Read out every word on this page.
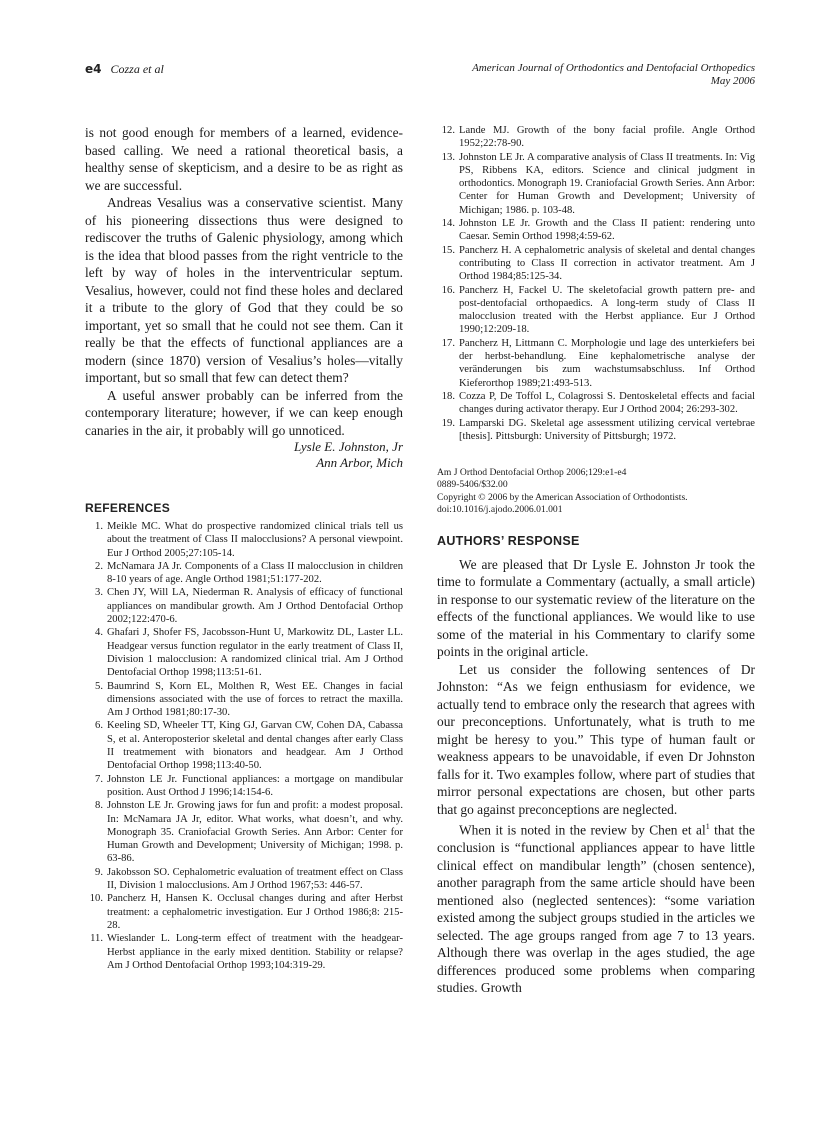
e4 Cozza et al	American Journal of Orthodontics and Dentofacial Orthopedics
May 2006

is not good enough for members of a learned, evidence-based calling. We need a rational theoretical basis, a healthy sense of skepticism, and a desire to be as right as we are successful.

Andreas Vesalius was a conservative scientist. Many of his pioneering dissections thus were designed to rediscover the truths of Galenic physiology, among which is the idea that blood passes from the right ventricle to the left by way of holes in the interventricular septum. Vesalius, however, could not find these holes and declared it a tribute to the glory of God that they could be so important, yet so small that he could not see them. Can it really be that the effects of functional appliances are a modern (since 1870) version of Vesalius’s holes—vitally important, but so small that few can detect them?

A useful answer probably can be inferred from the contemporary literature; however, if we can keep enough canaries in the air, it probably will go unnoticed.

Lysle E. Johnston, Jr

Ann Arbor, Mich

REFERENCES

1. Meikle MC. What do prospective randomized clinical trials tell us about the treatment of Class II malocclusions? A personal viewpoint. Eur J Orthod 2005;27:105-14.
2. McNamara JA Jr. Components of a Class II malocclusion in children 8-10 years of age. Angle Orthod 1981;51:177-202.
3. Chen JY, Will LA, Niederman R. Analysis of efficacy of functional appliances on mandibular growth. Am J Orthod Dentofacial Orthop 2002;122:470-6.
4. Ghafari J, Shofer FS, Jacobsson-Hunt U, Markowitz DL, Laster LL. Headgear versus function regulator in the early treatment of Class II, Division 1 malocclusion: A randomized clinical trial. Am J Orthod Dentofacial Orthop 1998;113:51-61.
5. Baumrind S, Korn EL, Molthen R, West EE. Changes in facial dimensions associated with the use of forces to retract the maxilla. Am J Orthod 1981;80:17-30.
6. Keeling SD, Wheeler TT, King GJ, Garvan CW, Cohen DA, Cabassa S, et al. Anteroposterior skeletal and dental changes after early Class II treatmement with bionators and headgear. Am J Orthod Dentofacial Orthop 1998;113:40-50.
7. Johnston LE Jr. Functional appliances: a mortgage on mandibular position. Aust Orthod J 1996;14:154-6.
8. Johnston LE Jr. Growing jaws for fun and profit: a modest proposal. In: McNamara JA Jr, editor. What works, what doesn’t, and why. Monograph 35. Craniofacial Growth Series. Ann Arbor: Center for Human Growth and Development; University of Michigan; 1998. p. 63-86.
9. Jakobsson SO. Cephalometric evaluation of treatment effect on Class II, Division 1 malocclusions. Am J Orthod 1967;53: 446-57.
10. Pancherz H, Hansen K. Occlusal changes during and after Herbst treatment: a cephalometric investigation. Eur J Orthod 1986;8: 215-28.
11. Wieslander L. Long-term effect of treatment with the headgear-Herbst appliance in the early mixed dentition. Stability or relapse? Am J Orthod Dentofacial Orthop 1993;104:319-29.
12. Lande MJ. Growth of the bony facial profile. Angle Orthod 1952;22:78-90.
13. Johnston LE Jr. A comparative analysis of Class II treatments. In: Vig PS, Ribbens KA, editors. Science and clinical judgment in orthodontics. Monograph 19. Craniofacial Growth Series. Ann Arbor: Center for Human Growth and Development; University of Michigan; 1986. p. 103-48.
14. Johnston LE Jr. Growth and the Class II patient: rendering unto Caesar. Semin Orthod 1998;4:59-62.
15. Pancherz H. A cephalometric analysis of skeletal and dental changes contributing to Class II correction in activator treatment. Am J Orthod 1984;85:125-34.
16. Pancherz H, Fackel U. The skeletofacial growth pattern pre- and post-dentofacial orthopaedics. A long-term study of Class II malocclusion treated with the Herbst appliance. Eur J Orthod 1990;12:209-18.
17. Pancherz H, Littmann C. Morphologie und lage des unterkiefers bei der herbst-behandlung. Eine kephalometrische analyse der veränderungen bis zum wachstumsabschluss. Inf Orthod Kieferorthop 1989;21:493-513.
18. Cozza P, De Toffol L, Colagrossi S. Dentoskeletal effects and facial changes during activator therapy. Eur J Orthod 2004; 26:293-302.
19. Lamparski DG. Skeletal age assessment utilizing cervical vertebrae [thesis]. Pittsburgh: University of Pittsburgh; 1972.

Am J Orthod Dentofacial Orthop 2006;129:e1-e4

0889-5406/$32.00

Copyright © 2006 by the American Association of Orthodontists.

doi:10.1016/j.ajodo.2006.01.001

AUTHORS’ RESPONSE

We are pleased that Dr Lysle E. Johnston Jr took the time to formulate a Commentary (actually, a small article) in response to our systematic review of the literature on the effects of the functional appliances. We would like to use some of the material in his Commentary to clarify some points in the original article.

Let us consider the following sentences of Dr Johnston: “As we feign enthusiasm for evidence, we actually tend to embrace only the research that agrees with our preconceptions. Unfortunately, what is truth to me might be heresy to you.” This type of human fault or weakness appears to be unavoidable, if even Dr Johnston falls for it. Two examples follow, where part of studies that mirror personal expectations are chosen, but other parts that go against preconceptions are neglected.

When it is noted in the review by Chen et $al^1$ that the conclusion is “functional appliances appear to have little clinical effect on mandibular length” (chosen sentence), another paragraph from the same article should have been mentioned also (neglected sentences): “some variation existed among the subject groups studied in the articles we selected. The age groups ranged from age 7 to 13 years. Although there was overlap in the ages studied, the age differences produced some problems when comparing studies. Growth
